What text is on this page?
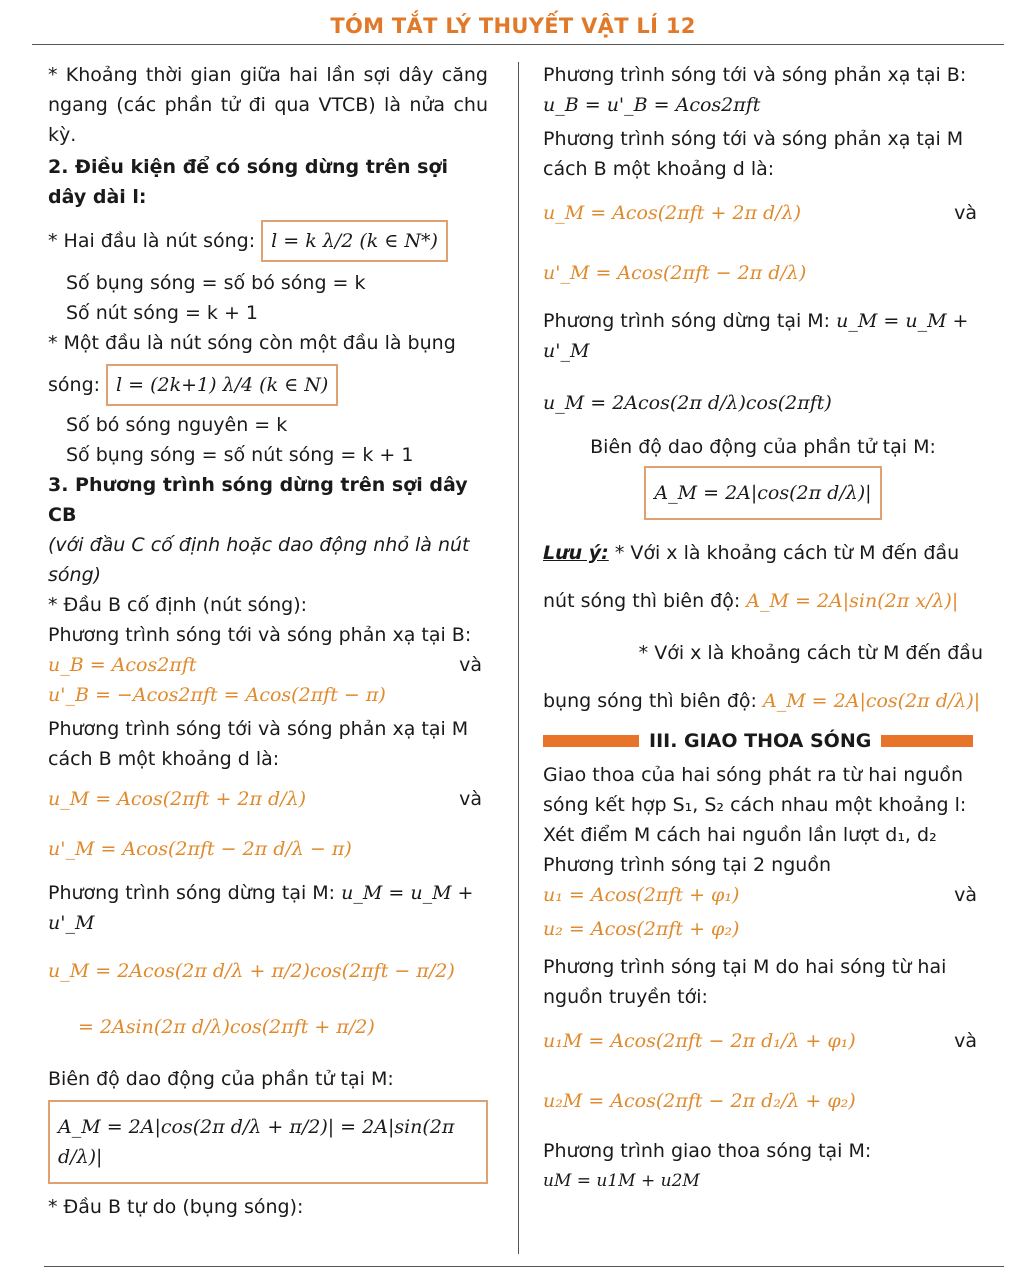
TÓM TẮT LÝ THUYẾT VẬT LÍ 12

* Khoảng thời gian giữa hai lần sợi dây căng ngang (các phần tử đi qua VTCB) là nửa chu kỳ.

2. Điều kiện để có sóng dừng trên sợi dây dài l:

* Hai đầu là nút sóng: l = k λ/2 (k ∈ N*)

Số bụng sóng = số bó sóng = k

Số nút sóng = k + 1

* Một đầu là nút sóng còn một đầu là bụng

sóng: l = (2k+1) λ/4 (k ∈ N)

Số bó sóng nguyên = k

Số bụng sóng = số nút sóng = k + 1

3. Phương trình sóng dừng trên sợi dây CB

(với đầu C cố định hoặc dao động nhỏ là nút sóng)

* Đầu B cố định (nút sóng):

Phương trình sóng tới và sóng phản xạ tại B:

u_B = Acos2πft	và
u'_B = −Acos2πft = Acos(2πft − π)

Phương trình sóng tới và sóng phản xạ tại M cách B một khoảng d là:

u_M = Acos(2πft + 2π d/λ)	và
u'_M = Acos(2πft − 2π d/λ − π)
Phương trình sóng dừng tại M: u_M = u_M + u'_M
u_M = 2Acos(2π d/λ + π/2)cos(2πft − π/2)
= 2Asin(2π d/λ)cos(2πft + π/2)

Biên độ dao động của phần tử tại M:

A_M = 2A|cos(2π d/λ + π/2)| = 2A|sin(2π d/λ)|

* Đầu B tự do (bụng sóng):

Phương trình sóng tới và sóng phản xạ tại B:

u_B = u'_B = Acos2πft

Phương trình sóng tới và sóng phản xạ tại M cách B một khoảng d là:

u_M = Acos(2πft + 2π d/λ)	và
u'_M = Acos(2πft − 2π d/λ)
Phương trình sóng dừng tại M: u_M = u_M + u'_M
u_M = 2Acos(2π d/λ)cos(2πft)

Biên độ dao động của phần tử tại M:

A_M = 2A|cos(2π d/λ)|
Lưu ý: * Với x là khoảng cách từ M đến đầu
nút sóng thì biên độ: A_M = 2A|sin(2π x/λ)|

* Với x là khoảng cách từ M đến đầu

bụng sóng thì biên độ: A_M = 2A|cos(2π d/λ)|
III. GIAO THOA SÓNG

Giao thoa của hai sóng phát ra từ hai nguồn sóng kết hợp S₁, S₂ cách nhau một khoảng l:

Xét điểm M cách hai nguồn lần lượt d₁, d₂

Phương trình sóng tại 2 nguồn

u₁ = Acos(2πft + φ₁)	và
u₂ = Acos(2πft + φ₂)

Phương trình sóng tại M do hai sóng từ hai nguồn truyền tới:

u₁M = Acos(2πft − 2π d₁/λ + φ₁)	và
u₂M = Acos(2πft − 2π d₂/λ + φ₂)

Phương trình giao thoa sóng tại M:

uM = u1M + u2M
